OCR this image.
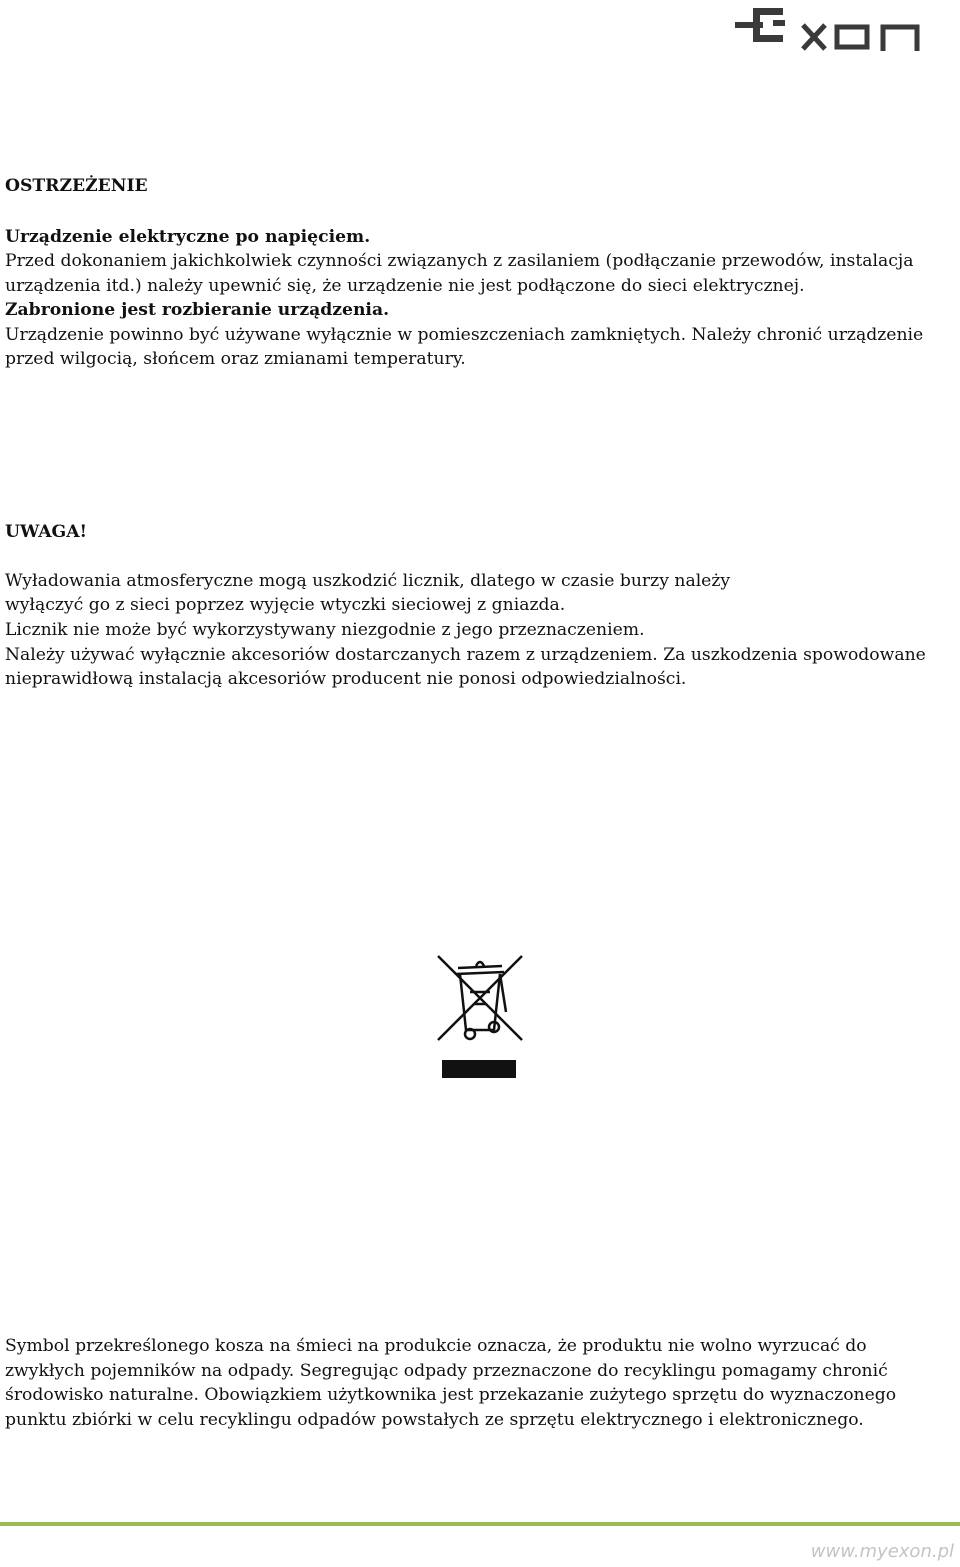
OSTRZEŻENIE

Urządzenie elektryczne po napięciem.

Przed dokonaniem jakichkolwiek czynności związanych z zasilaniem (podłączanie przewodów, instalacja

urządzenia itd.) należy upewnić się, że urządzenie nie jest podłączone do sieci elektrycznej.

Zabronione jest rozbieranie urządzenia.

Urządzenie powinno być używane wyłącznie w pomieszczeniach zamkniętych. Należy chronić urządzenie

przed wilgocią, słońcem oraz zmianami temperatury.

UWAGA!

Wyładowania atmosferyczne mogą uszkodzić licznik, dlatego w czasie burzy należy

wyłączyć go z sieci poprzez wyjęcie wtyczki sieciowej z gniazda.

Licznik nie może być wykorzystywany niezgodnie z jego przeznaczeniem.

Należy używać wyłącznie akcesoriów dostarczanych razem z urządzeniem. Za uszkodzenia spowodowane

nieprawidłową instalacją akcesoriów producent nie ponosi odpowiedzialności.

Symbol przekreślonego kosza na śmieci na produkcie oznacza, że produktu nie wolno wyrzucać do

zwykłych pojemników na odpady. Segregując odpady przeznaczone do recyklingu pomagamy chronić

środowisko naturalne. Obowiązkiem użytkownika jest przekazanie zużytego sprzętu do wyznaczonego

punktu zbiórki w celu recyklingu odpadów powstałych ze sprzętu elektrycznego i elektronicznego.

www.myexon.pl
